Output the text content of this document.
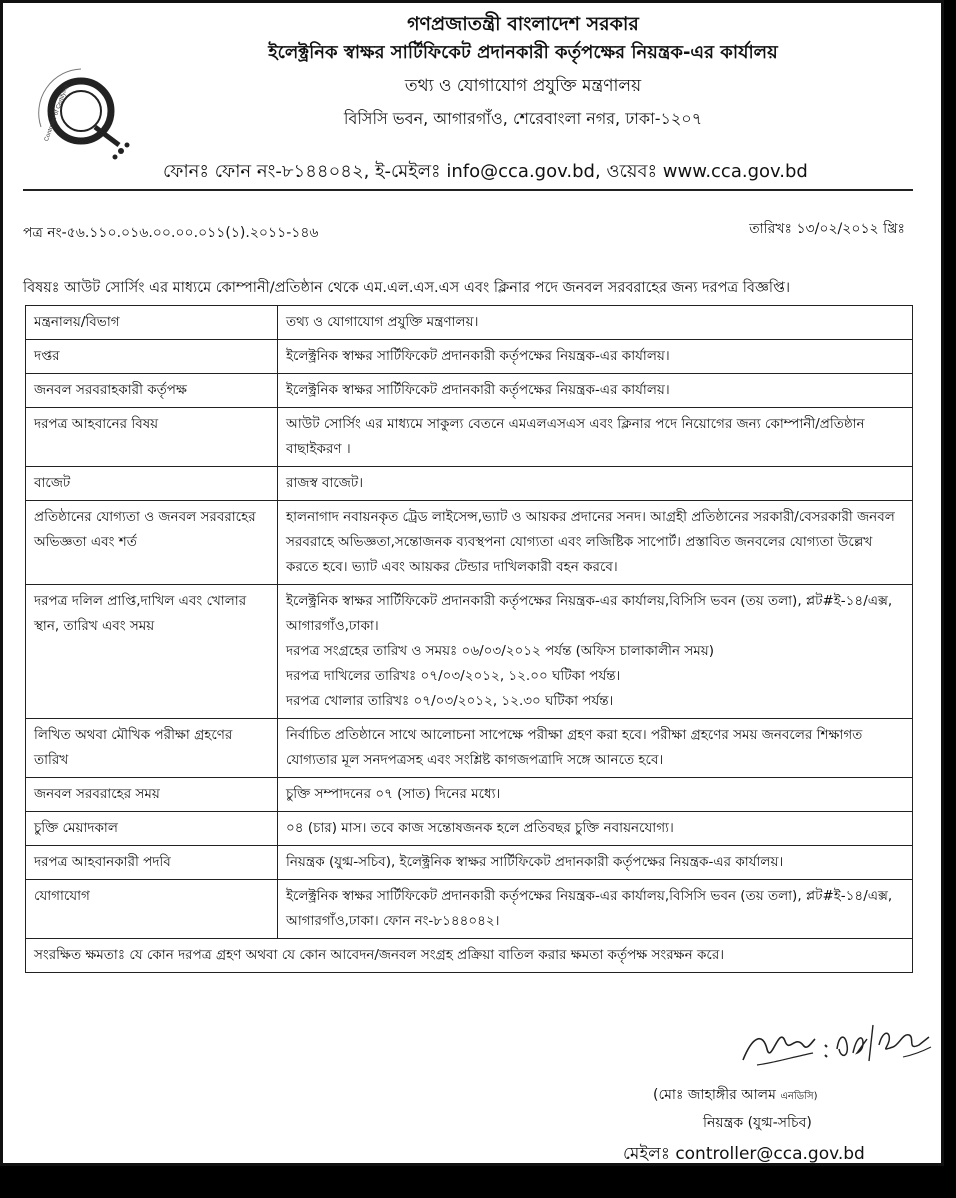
Controller of Certifying
গণপ্রজাতন্ত্রী বাংলাদেশ সরকার
ইলেক্ট্রনিক স্বাক্ষর সার্টিফিকেট প্রদানকারী কর্তৃপক্ষের নিয়ন্ত্রক-এর কার্যালয়
তথ্য ও যোগাযোগ প্রযুক্তি মন্ত্রণালয়
বিসিসি ভবন, আগারগাঁও, শেরেবাংলা নগর, ঢাকা-১২০৭
ফোনঃ ফোন নং-৮১৪৪০৪২, ই-মেইলঃ info@cca.gov.bd, ওয়েবঃ www.cca.gov.bd
পত্র নং-৫৬.১১০.০১৬.০০.০০.০১১(১).২০১১-১৪৬	তারিখঃ ১৩/০২/২০১২ খ্রিঃ
বিষয়ঃ আউট সোর্সিং এর মাধ্যমে কোম্পানী/প্রতিষ্ঠান থেকে এম.এল.এস.এস এবং ক্লিনার পদে জনবল সরবরাহের জন্য দরপত্র বিজ্ঞপ্তি।
মন্ত্রনালয়/বিভাগ	তথ্য ও যোগাযোগ প্রযুক্তি মন্ত্রণালয়।

দপ্তর	ইলেক্ট্রনিক স্বাক্ষর সার্টিফিকেট প্রদানকারী কর্তৃপক্ষের নিয়ন্ত্রক-এর কার্যালয়।

জনবল সরবরাহকারী কর্তৃপক্ষ	ইলেক্ট্রনিক স্বাক্ষর সার্টিফিকেট প্রদানকারী কর্তৃপক্ষের নিয়ন্ত্রক-এর কার্যালয়।

দরপত্র আহবানের বিষয়	আউট সোর্সিং এর মাধ্যমে সাকুল্য বেতনে এমএলএসএস এবং ক্লিনার পদে নিয়োগের জন্য কোম্পানী/প্রতিষ্ঠান বাছাইকরণ ।

বাজেট	রাজস্ব বাজেট।

প্রতিষ্ঠানের যোগ্যতা ও জনবল সরবরাহের অভিজ্ঞতা এবং শর্ত	হালনাগাদ নবায়নকৃত ট্রেড লাইসেন্স,ভ্যাট ও আয়কর প্রদানের সনদ। আগ্রহী প্রতিষ্ঠানের সরকারী/বেসরকারী জনবল সরবরাহে অভিজ্ঞতা,সন্তোজনক ব্যবস্থপনা যোগ্যতা এবং লজিষ্টিক সাপোর্ট। প্রস্তাবিত জনবলের যোগ্যতা উল্লেখ করতে হবে। ভ্যাট এবং আয়কর টেন্ডার দাখিলকারী বহন করবে।

দরপত্র দলিল প্রাপ্তি,দাখিল এবং খোলার স্থান, তারিখ এবং সময়	ইলেক্ট্রনিক স্বাক্ষর সার্টিফিকেট প্রদানকারী কর্তৃপক্ষের নিয়ন্ত্রক-এর কার্যালয়,বিসিসি ভবন (তয় তলা), প্লট#ই-১৪/এক্স, আগারগাঁও,ঢাকা।
দরপত্র সংগ্রহের তারিখ ও সময়ঃ ০৬/০৩/২০১২ পর্যন্ত (অফিস চালাকালীন সময়)
দরপত্র দাখিলের তারিখঃ ০৭/০৩/২০১২, ১২.০০ ঘটিকা পর্যন্ত।
দরপত্র খোলার তারিখঃ ০৭/০৩/২০১২, ১২.৩০ ঘটিকা পর্যন্ত।

লিখিত অথবা মৌখিক পরীক্ষা গ্রহণের তারিখ	নির্বাচিত প্রতিষ্ঠানে সাথে আলোচনা সাপেক্ষে পরীক্ষা গ্রহণ করা হবে। পরীক্ষা গ্রহণের সময় জনবলের শিক্ষাগত যোগ্যতার মূল সনদপত্রসহ এবং সংশ্লিষ্ট কাগজপত্রাদি সঙ্গে আনতে হবে।

জনবল সরবরাহের সময়	চুক্তি সম্পাদনের ০৭ (সাত) দিনের মধ্যে।

চুক্তি মেয়াদকাল	০৪ (চার) মাস। তবে কাজ সন্তোষজনক হলে প্রতিবছর চুক্তি নবায়নযোগ্য।

দরপত্র আহবানকারী পদবি	নিয়ন্ত্রক (যুগ্ম-সচিব), ইলেক্ট্রনিক স্বাক্ষর সার্টিফিকেট প্রদানকারী কর্তৃপক্ষের নিয়ন্ত্রক-এর কার্যালয়।

যোগাযোগ	ইলেক্ট্রনিক স্বাক্ষর সার্টিফিকেট প্রদানকারী কর্তৃপক্ষের নিয়ন্ত্রক-এর কার্যালয়,বিসিসি ভবন (তয় তলা), প্লট#ই-১৪/এক্স, আগারগাঁও,ঢাকা। ফোন নং-৮১৪৪০৪২।

সংরক্ষিত ক্ষমতাঃ যে কোন দরপত্র গ্রহণ অথবা যে কোন আবেদন/জনবল সংগ্রহ প্রক্রিয়া বাতিল করার ক্ষমতা কর্তৃপক্ষ সংরক্ষন করে।	
(মোঃ জাহাঙ্গীর আলম এনডিসি)
নিয়ন্ত্রক (যুগ্ম-সচিব)
মেইলঃ controller@cca.gov.bd
